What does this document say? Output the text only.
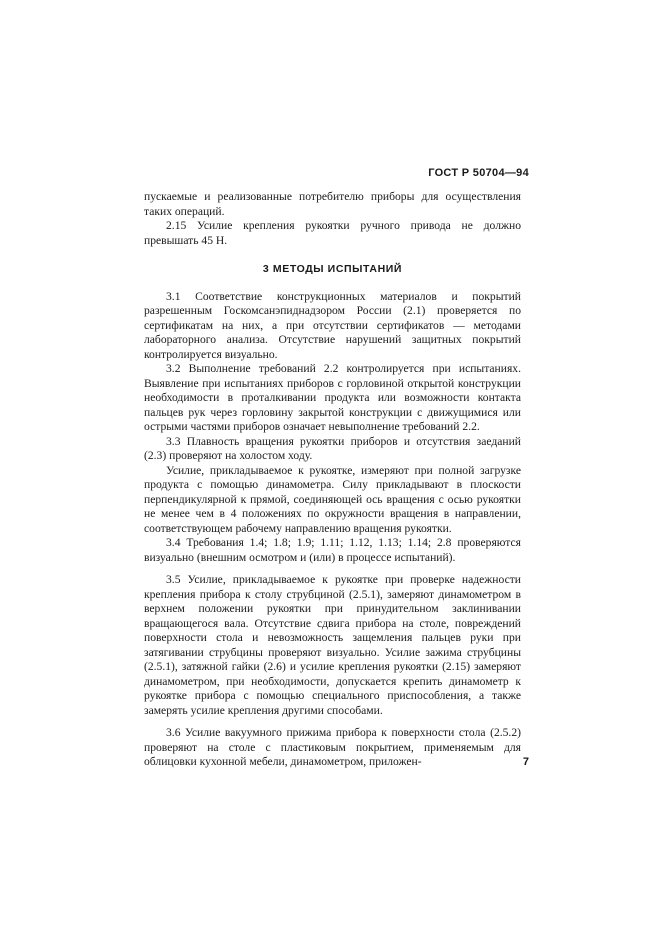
ГОСТ Р 50704—94

пускаемые и реализованные потребителю приборы для осуществления таких операций.

2.15 Усилие крепления рукоятки ручного привода не должно превышать 45 Н.

3 МЕТОДЫ ИСПЫТАНИЙ

3.1 Соответствие конструкционных материалов и покрытий разрешенным Госкомсанэпиднадзором России (2.1) проверяется по сертификатам на них, а при отсутствии сертификатов — методами лабораторного анализа. Отсутствие нарушений защитных покрытий контролируется визуально.

3.2 Выполнение требований 2.2 контролируется при испытаниях. Выявление при испытаниях приборов с горловиной открытой конструкции необходимости в проталкивании продукта или возможности контакта пальцев рук через горловину закрытой конструкции с движущимися или острыми частями приборов означает невыполнение требований 2.2.

3.3 Плавность вращения рукоятки приборов и отсутствия заеданий (2.3) проверяют на холостом ходу.

Усилие, прикладываемое к рукоятке, измеряют при полной загрузке продукта с помощью динамометра. Силу прикладывают в плоскости перпендикулярной к прямой, соединяющей ось вращения с осью рукоятки не менее чем в 4 положениях по окружности вращения в направлении, соответствующем рабочему направлению вращения рукоятки.

3.4 Требования 1.4; 1.8; 1.9; 1.11; 1.12, 1.13; 1.14; 2.8 проверяются визуально (внешним осмотром и (или) в процессе испытаний).

3.5 Усилие, прикладываемое к рукоятке при проверке надежности крепления прибора к столу струбциной (2.5.1), замеряют динамометром в верхнем положении рукоятки при принудительном заклинивании вращающегося вала. Отсутствие сдвига прибора на столе, повреждений поверхности стола и невозможность защемления пальцев руки при затягивании струбцины проверяют визуально. Усилие зажима струбцины (2.5.1), затяжной гайки (2.6) и усилие крепления рукоятки (2.15) замеряют динамометром, при необходимости, допускается крепить динамометр к рукоятке прибора с помощью специального приспособления, а также замерять усилие крепления другими способами.

3.6 Усилие вакуумного прижима прибора к поверхности стола (2.5.2) проверяют на столе с пластиковым покрытием, применяемым для облицовки кухонной мебели, динамометром, приложен-	7
